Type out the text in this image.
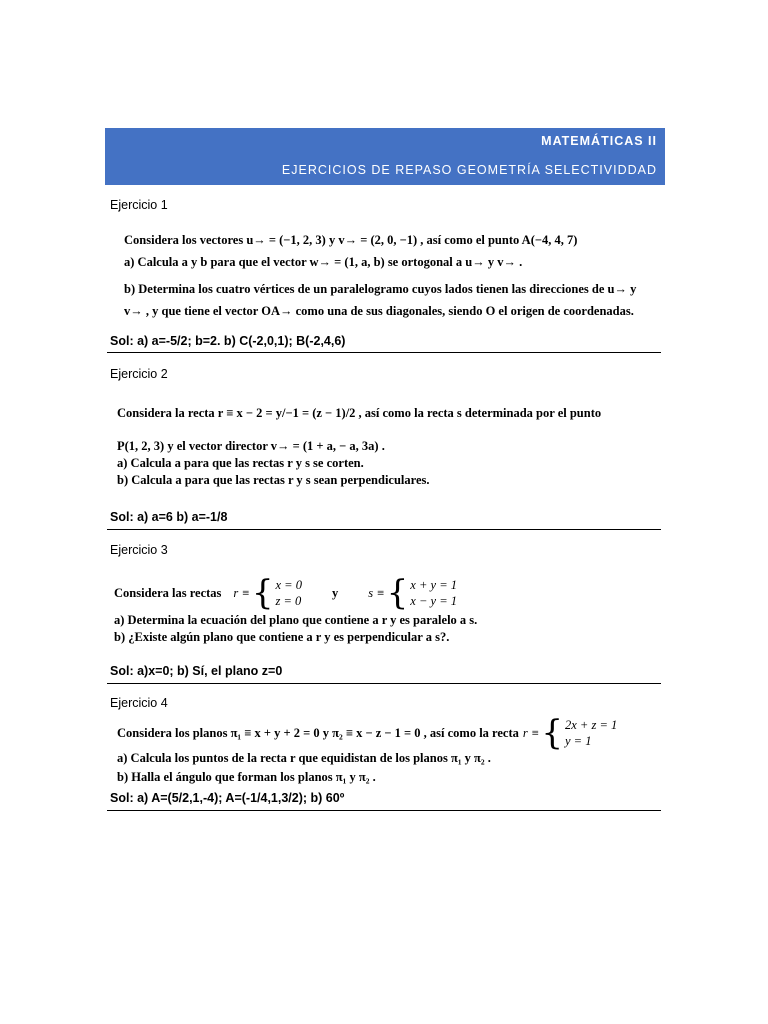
MATEMÁTICAS II
EJERCICIOS DE REPASO GEOMETRÍA SELECTIVIDDAD
Ejercicio 1
Considera los vectores u→ = (−1, 2, 3) y v→ = (2, 0, −1) , así como el punto A(−4, 4, 7)
a) Calcula a y b para que el vector w→ = (1, a, b) se ortogonal a u→ y v→ .
b) Determina los cuatro vértices de un paralelogramo cuyos lados tienen las direcciones de u→ y
v→ , y que tiene el vector OA→ como una de sus diagonales, siendo O el origen de coordenadas.
Sol: a) a=-5/2; b=2. b) C(-2,0,1); B(-2,4,6)
Ejercicio 2
Considera la recta r ≡ x − 2 = y/−1 = (z − 1)/2 , así como la recta s determinada por el punto
P(1, 2, 3) y el vector director v→ = (1 + a, − a, 3a) .
a) Calcula a para que las rectas r y s se corten.
b) Calcula a para que las rectas r y s sean perpendiculares.
Sol: a) a=6 b) a=-1/8
Ejercicio 3
Considera las rectas r ≡ { x = 0
z = 0
y s ≡ { x + y = 1
x − y = 1
a) Determina la ecuación del plano que contiene a r y es paralelo a s.
b) ¿Existe algún plano que contiene a r y es perpendicular a s?.
Sol: a)x=0; b) Sí, el plano z=0
Ejercicio 4
Considera los planos π₁ ≡ x + y + 2 = 0 y π₂ ≡ x − z − 1 = 0 , así como la recta r ≡ { 2x + z = 1
y = 1
a) Calcula los puntos de la recta r que equidistan de los planos π₁ y π₂ .
b) Halla el ángulo que forman los planos π₁ y π₂ .
Sol: a) A=(5/2,1,-4); A=(-1/4,1,3/2); b) 60º
